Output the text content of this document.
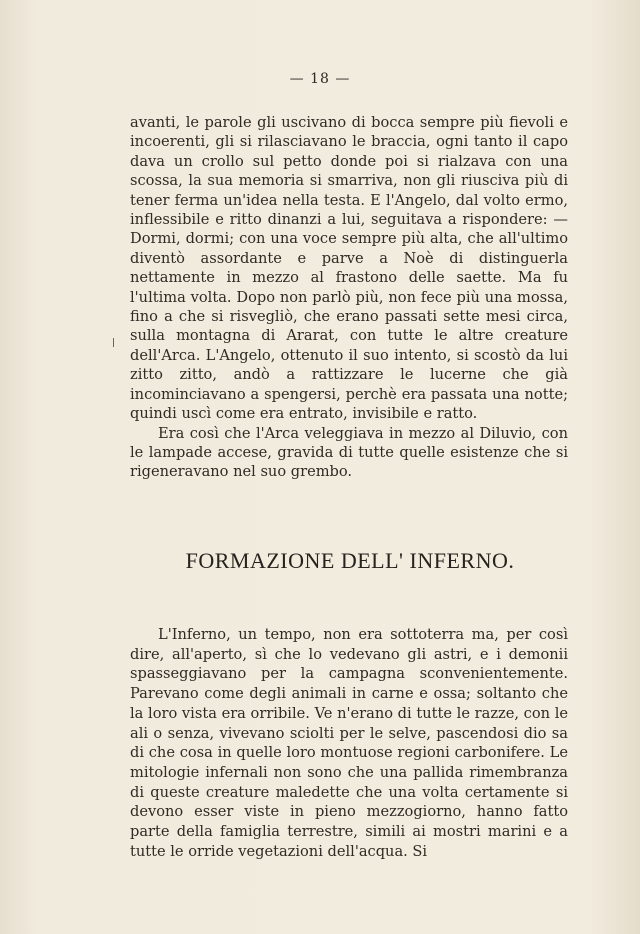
— 18 —

avanti, le parole gli uscivano di bocca sempre più fievoli e incoerenti, gli si rilasciavano le braccia, ogni tanto il capo dava un crollo sul petto donde poi si rialzava con una scossa, la sua memoria si smarriva, non gli riusciva più di tener ferma un'idea nella testa. E l'Angelo, dal volto ermo, inflessibile e ritto dinanzi a lui, seguitava a rispondere: — Dormi, dormi; con una voce sempre più alta, che all'ultimo diventò assordante e parve a Noè di distinguerla nettamente in mezzo al frastono delle saette. Ma fu l'ultima volta. Dopo non parlò più, non fece più una mossa, fino a che si risvegliò, che erano passati sette mesi circa, sulla montagna di Ararat, con tutte le altre creature dell'Arca. L'Angelo, ottenuto il suo intento, si scostò da lui zitto zitto, andò a rattizzare le lucerne che già incominciavano a spengersi, perchè era passata una notte; quindi uscì come era entrato, invisibile e ratto.

Era così che l'Arca veleggiava in mezzo al Diluvio, con le lampade accese, gravida di tutte quelle esistenze che si rigeneravano nel suo grembo.

FORMAZIONE DELL' INFERNO.

L'Inferno, un tempo, non era sottoterra ma, per così dire, all'aperto, sì che lo vedevano gli astri, e i demonii spasseggiavano per la campagna sconvenientemente. Parevano come degli animali in carne e ossa; soltanto che la loro vista era orribile. Ve n'erano di tutte le razze, con le ali o senza, vivevano sciolti per le selve, pascendosi dio sa di che cosa in quelle loro montuose regioni carbonifere. Le mitologie infernali non sono che una pallida rimembranza di queste creature maledette che una volta certamente si devono esser viste in pieno mezzogiorno, hanno fatto parte della famiglia terrestre, simili ai mostri marini e a tutte le orride vegetazioni dell'acqua. Si
